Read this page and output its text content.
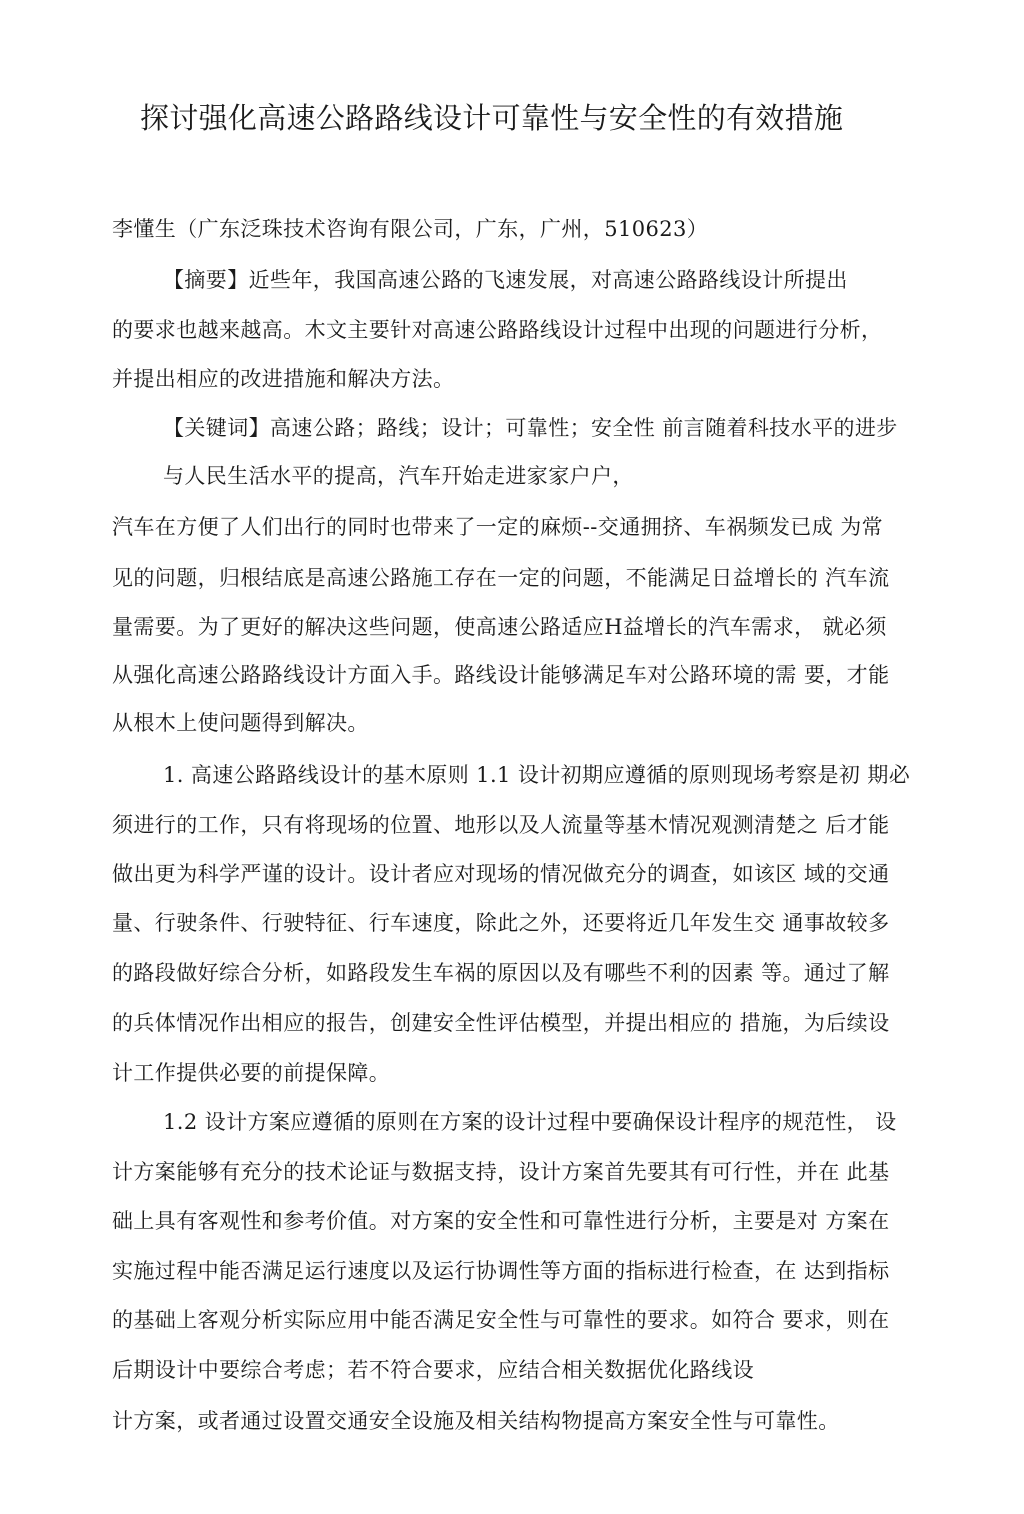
探讨强化高速公路路线设计可靠性与安全性的有效措施
李懂生（广东泛珠技术咨询有限公司，广东，广州，510623）
【摘要】近些年，我国高速公路的飞速发展，对高速公路路线设计所提出
的要求也越来越高。木文主要针对高速公路路线设计过程中出现的问题进行分析，
并提出相应的改进措施和解决方法。
【关键词】高速公路；路线；设计；可靠性；安全性 前言随着科技水平的进步
与人民生活水平的提高，汽车幵始走进家家户户，
汽车在方便了人们出行的同时也带来了一定的麻烦--交通拥挤、车祸频发已成 为常
见的问题，归根结底是高速公路施工存在一定的问题，不能满足日益增长的 汽车流
量需要。为了更好的解决这些问题，使高速公路适应H益增长的汽车需求， 就必须
从强化高速公路路线设计方面入手。路线设计能够满足车对公路环境的需 要，才能
从根木上使问题得到解决。
1. 高速公路路线设计的基木原则 1.1 设计初期应遵循的原则现场考察是初 期必
须进行的工作，只有将现场的位置、地形以及人流量等基木情况观测清楚之 后才能
做出更为科学严谨的设计。设计者应对现场的情况做充分的调查，如该区 域的交通
量、行驶条件、行驶特征、行车速度，除此之外，还要将近几年发生交 通事故较多
的路段做好综合分析，如路段发生车祸的原因以及有哪些不利的因素 等。通过了解
的兵体情况作出相应的报告，创建安全性评估模型，并提出相应的 措施，为后续设
计工作提供必要的前提保障。
1.2 设计方案应遵循的原则在方案的设计过程中要确保设计程序的规范性， 设
计方案能够有充分的技术论证与数据支持，设计方案首先要其有可行性，并在 此基
础上具有客观性和参考价值。对方案的安全性和可靠性进行分析，主要是对 方案在
实施过程中能否满足运行速度以及运行协调性等方面的指标进行检查，在 达到指标
的基础上客观分析实际应用中能否满足安全性与可靠性的要求。如符合 要求，则在
后期设计中要综合考虑；若不符合要求，应结合相关数据优化路线设
计方案，或者通过设置交通安全设施及相关结构物提高方案安全性与可靠性。
